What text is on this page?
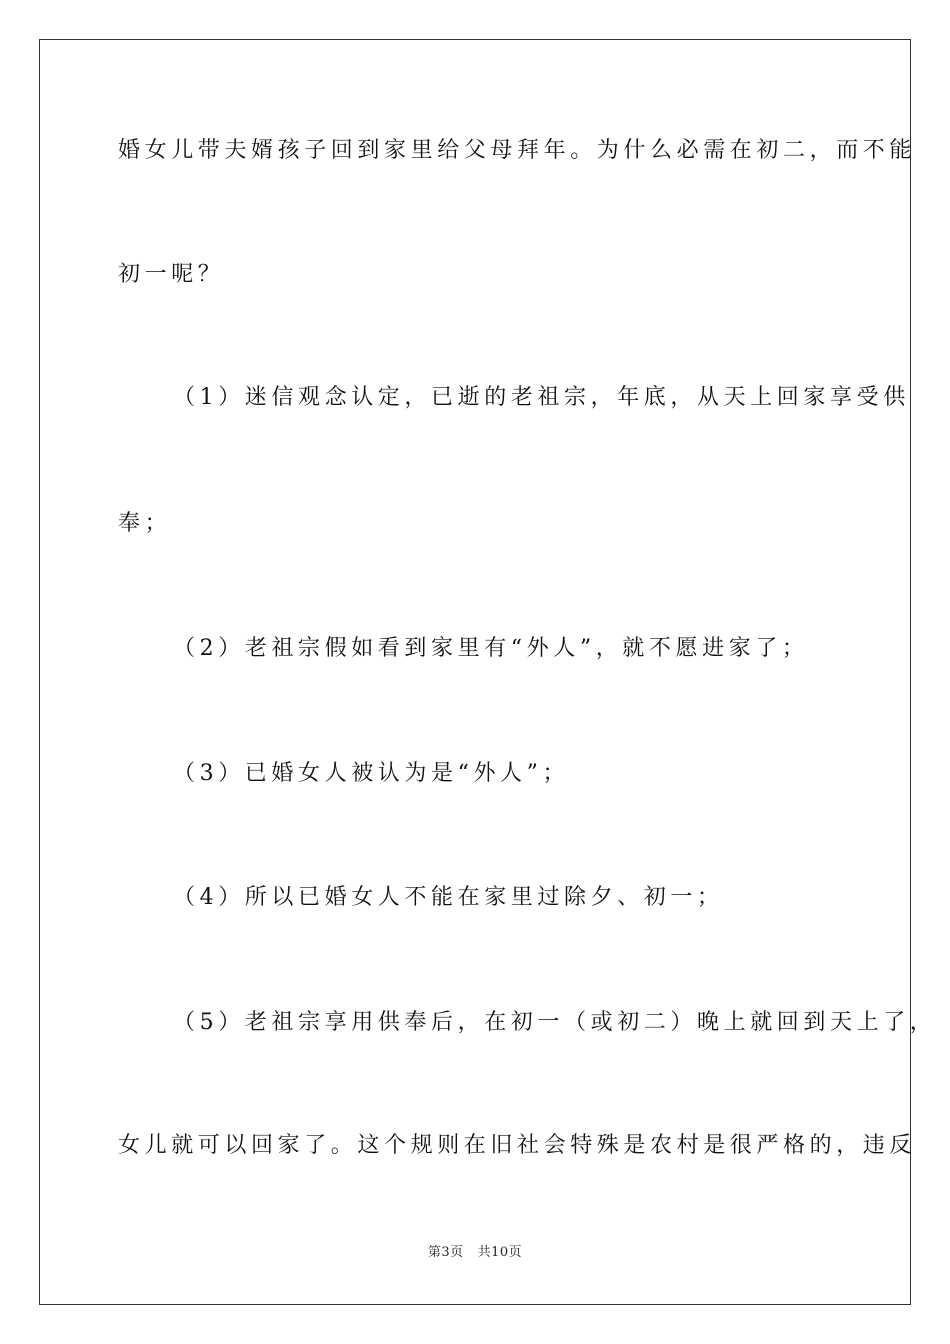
婚女儿带夫婿孩子回到家里给父母拜年。为什么必需在初二，而不能
初一呢？
（1）迷信观念认定，已逝的老祖宗，年底，从天上回家享受供
奉；
（2）老祖宗假如看到家里有“外人”，就不愿进家了；
（3）已婚女人被认为是“外人”；
（4）所以已婚女人不能在家里过除夕、初一；
（5）老祖宗享用供奉后，在初一（或初二）晚上就回到天上了，
女儿就可以回家了。这个规则在旧社会特殊是农村是很严格的，违反
第3页 共10页
